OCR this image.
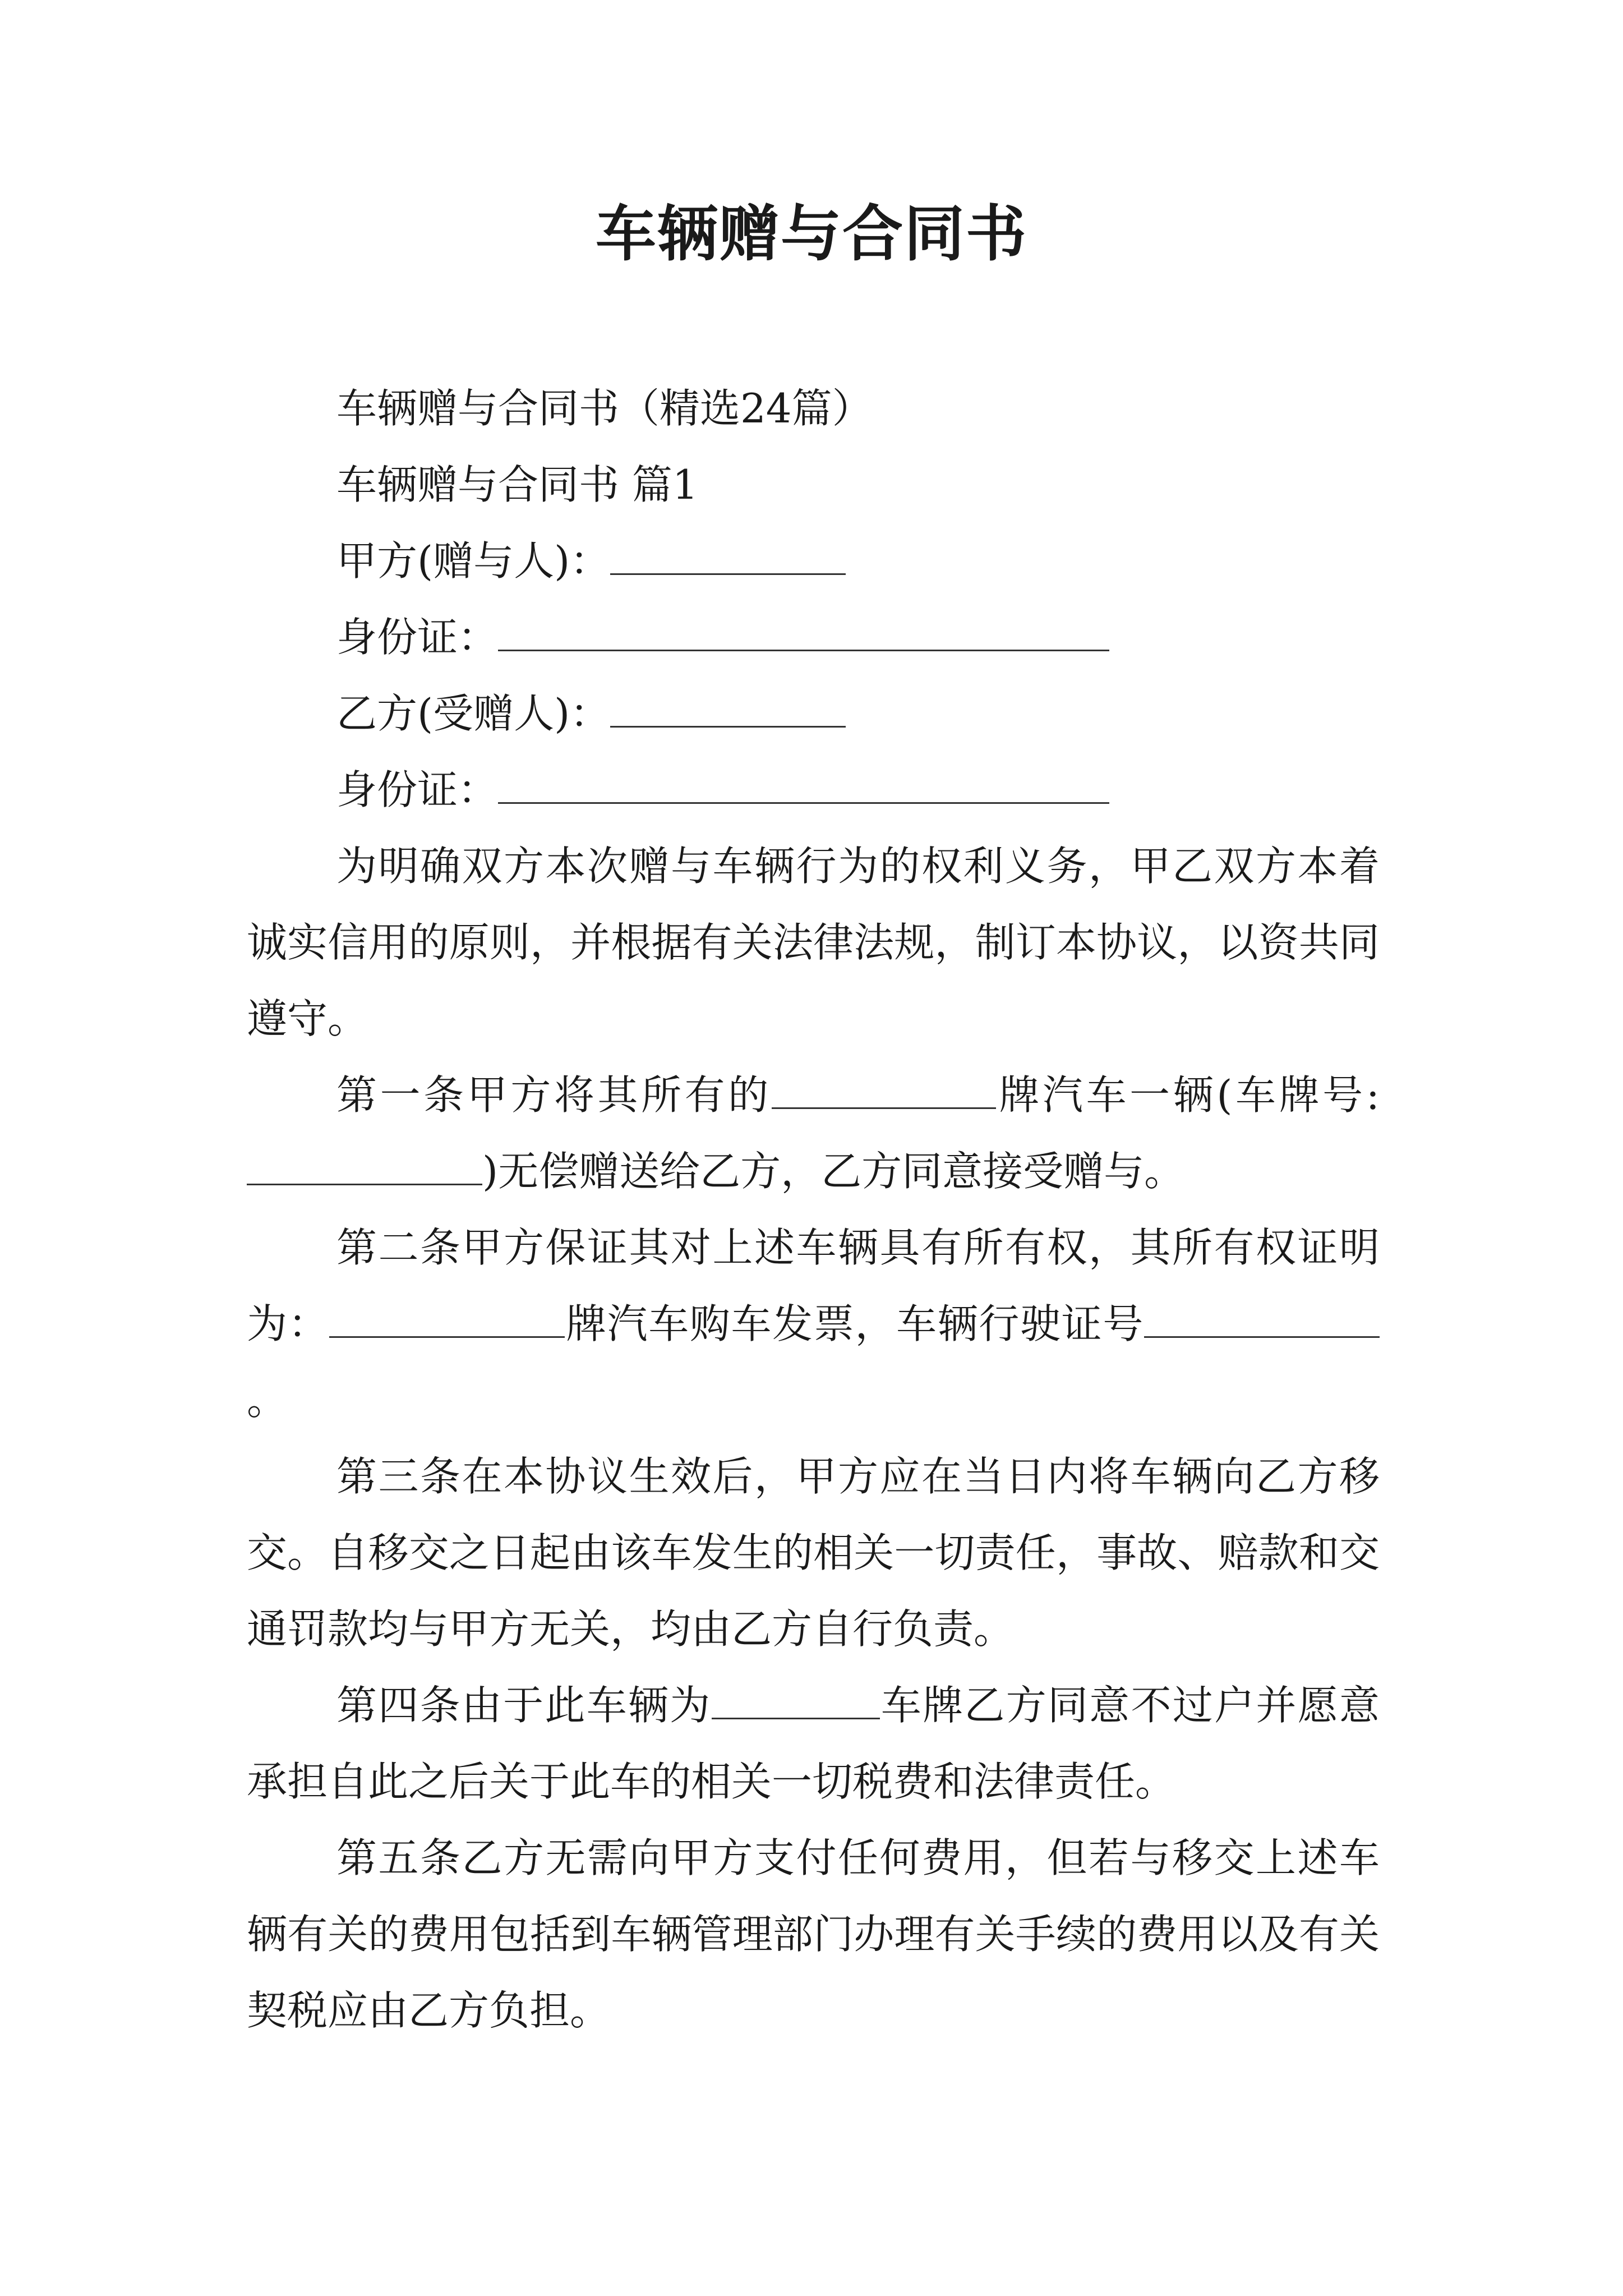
车辆赠与合同书

车辆赠与合同书（精选24篇）

车辆赠与合同书 篇1

甲方(赠与人)：

身份证：

乙方(受赠人)：

身份证：

为明确双方本次赠与车辆行为的权利义务，甲乙双方本着诚实信用的原则，并根据有关法律法规，制订本协议，以资共同遵守。

第一条甲方将其所有的	牌汽车一辆(车牌号:)无偿赠送给乙方，乙方同意接受赠与。

第二条甲方保证其对上述车辆具有所有权，其所有权证明为：	牌汽车购车发票，车辆行驶证号。

第三条在本协议生效后，甲方应在当日内将车辆向乙方移交。自移交之日起由该车发生的相关一切责任，事故、赔款和交通罚款均与甲方无关，均由乙方自行负责。

第四条由于此车辆为	车牌乙方同意不过户并愿意承担自此之后关于此车的相关一切税费和法律责任。

第五条乙方无需向甲方支付任何费用，但若与移交上述车辆有关的费用包括到车辆管理部门办理有关手续的费用以及有关契税应由乙方负担。
